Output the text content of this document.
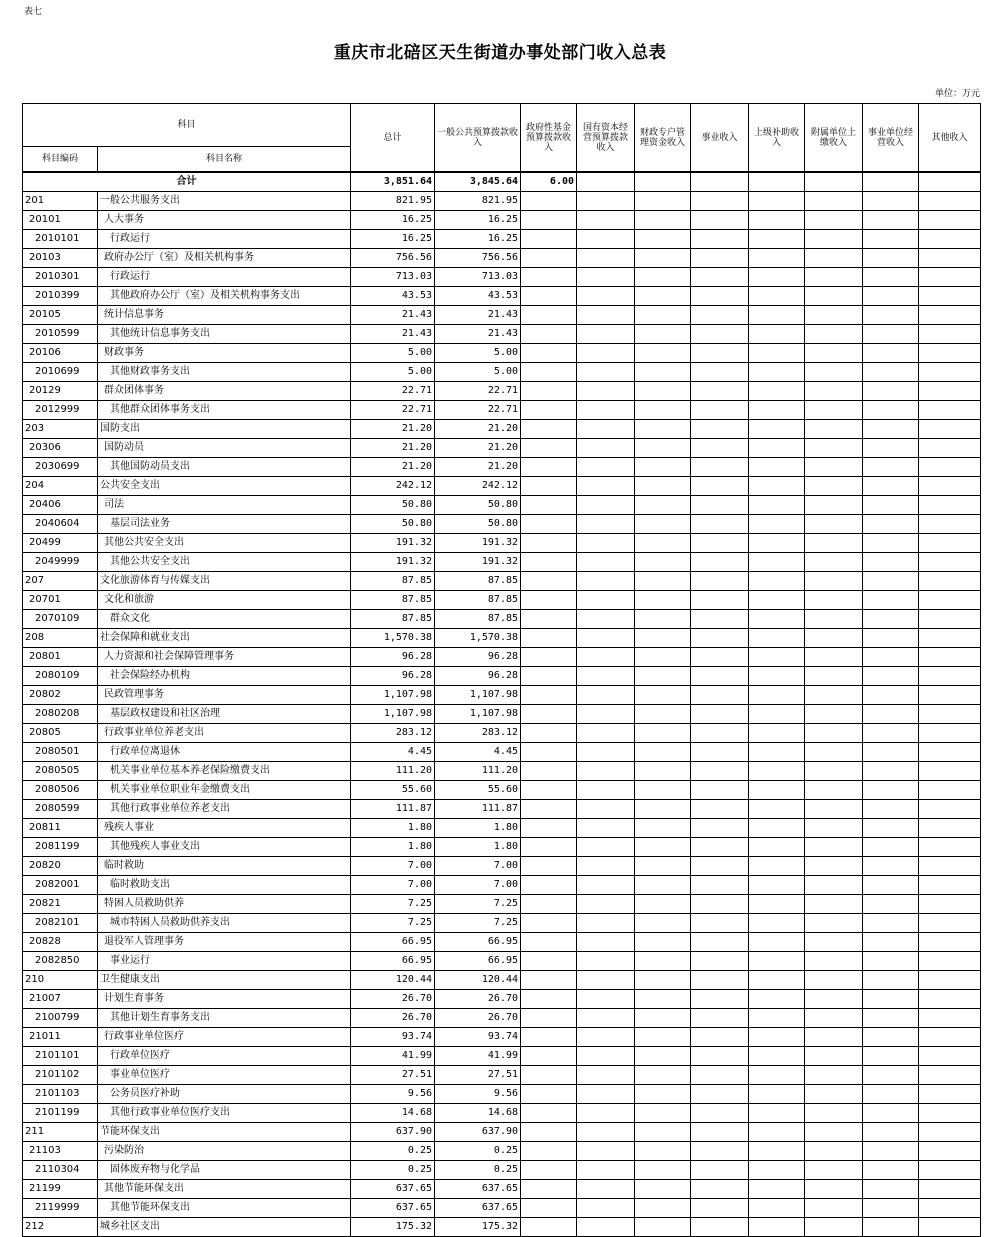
表七
重庆市北碚区天生街道办事处部门收入总表
单位：万元
科目		总计	一般公共预算拨款收入	政府性基金预算拨款收入	国有资本经营预算拨款收入	财政专户管理资金收入	事业收入	上级补助收入	附属单位上缴收入	事业单位经营收入	其他收入
科目编码	科目名称										
合计		3,851.64	3,845.64	6.00							
201	一般公共服务支出	821.95	821.95								
20101	人大事务	16.25	16.25								
2010101	行政运行	16.25	16.25								
20103	政府办公厅（室）及相关机构事务	756.56	756.56								
2010301	行政运行	713.03	713.03								
2010399	其他政府办公厅（室）及相关机构事务支出	43.53	43.53								
20105	统计信息事务	21.43	21.43								
2010599	其他统计信息事务支出	21.43	21.43								
20106	财政事务	5.00	5.00								
2010699	其他财政事务支出	5.00	5.00								
20129	群众团体事务	22.71	22.71								
2012999	其他群众团体事务支出	22.71	22.71								
203	国防支出	21.20	21.20								
20306	国防动员	21.20	21.20								
2030699	其他国防动员支出	21.20	21.20								
204	公共安全支出	242.12	242.12								
20406	司法	50.80	50.80								
2040604	基层司法业务	50.80	50.80								
20499	其他公共安全支出	191.32	191.32								
2049999	其他公共安全支出	191.32	191.32								
207	文化旅游体育与传媒支出	87.85	87.85								
20701	文化和旅游	87.85	87.85								
2070109	群众文化	87.85	87.85								
208	社会保障和就业支出	1,570.38	1,570.38								
20801	人力资源和社会保障管理事务	96.28	96.28								
2080109	社会保险经办机构	96.28	96.28								
20802	民政管理事务	1,107.98	1,107.98								
2080208	基层政权建设和社区治理	1,107.98	1,107.98								
20805	行政事业单位养老支出	283.12	283.12								
2080501	行政单位离退休	4.45	4.45								
2080505	机关事业单位基本养老保险缴费支出	111.20	111.20								
2080506	机关事业单位职业年金缴费支出	55.60	55.60								
2080599	其他行政事业单位养老支出	111.87	111.87								
20811	残疾人事业	1.80	1.80								
2081199	其他残疾人事业支出	1.80	1.80								
20820	临时救助	7.00	7.00								
2082001	临时救助支出	7.00	7.00								
20821	特困人员救助供养	7.25	7.25								
2082101	城市特困人员救助供养支出	7.25	7.25								
20828	退役军人管理事务	66.95	66.95								
2082850	事业运行	66.95	66.95								
210	卫生健康支出	120.44	120.44								
21007	计划生育事务	26.70	26.70								
2100799	其他计划生育事务支出	26.70	26.70								
21011	行政事业单位医疗	93.74	93.74								
2101101	行政单位医疗	41.99	41.99								
2101102	事业单位医疗	27.51	27.51								
2101103	公务员医疗补助	9.56	9.56								
2101199	其他行政事业单位医疗支出	14.68	14.68								
211	节能环保支出	637.90	637.90								
21103	污染防治	0.25	0.25								
2110304	固体废弃物与化学品	0.25	0.25								
21199	其他节能环保支出	637.65	637.65								
2119999	其他节能环保支出	637.65	637.65								
212	城乡社区支出	175.32	175.32								
